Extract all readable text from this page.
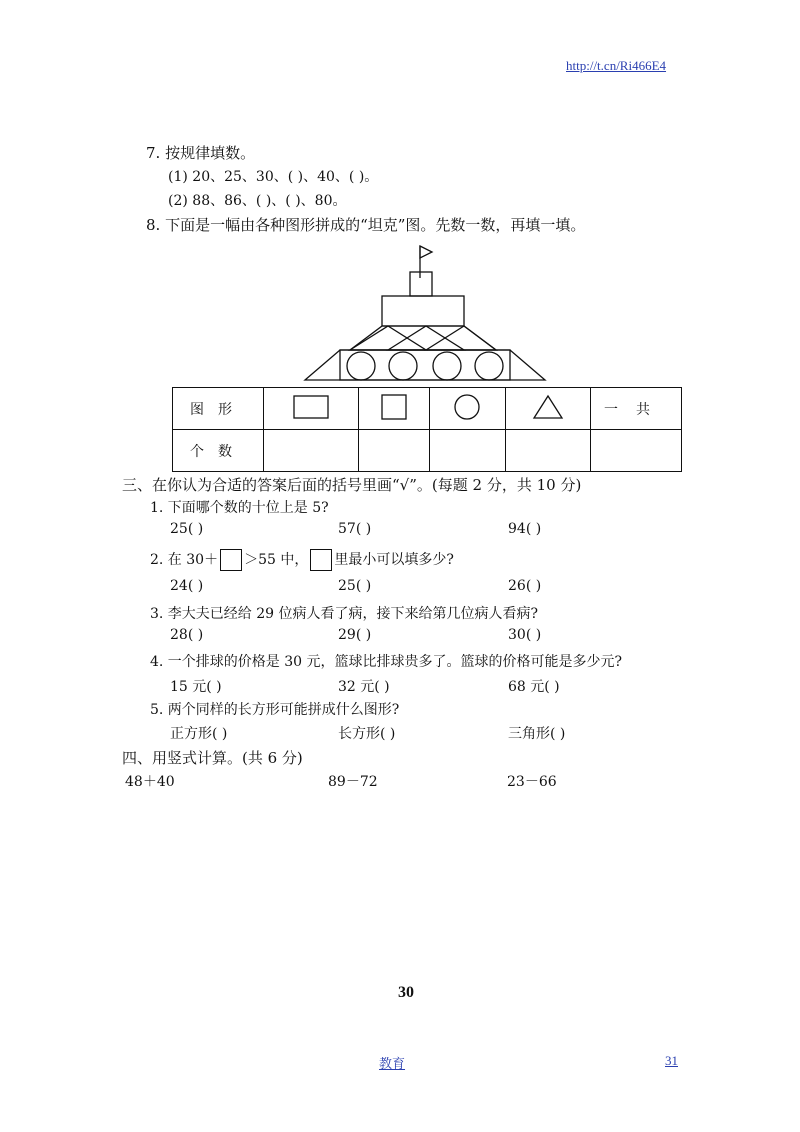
http://t.cn/Ri466E4
7. 按规律填数。
(1) 20、25、30、( )、40、( )。
(2) 88、86、( )、( )、80。
8. 下面是一幅由各种图形拼成的“坦克”图。先数一数，再填一填。
图形					一共
个数					
三、在你认为合适的答案后面的括号里画“√”。(每题 2 分，共 10 分)
1. 下面哪个数的十位上是 5?
25( )	57( )	94( )
2. 在 30＋ ＞55 中， 里最小可以填多少?
24( )	25( )	26( )
3. 李大夫已经给 29 位病人看了病，接下来给第几位病人看病?
28( )	29( )	30( )
4. 一个排球的价格是 30 元，篮球比排球贵多了。篮球的价格可能是多少元?
15 元( )	32 元( )	68 元( )
5. 两个同样的长方形可能拼成什么图形?
正方形( )	长方形( )	三角形( )
四、用竖式计算。(共 6 分)
48＋40	89－72	23－66
30
教育	31
